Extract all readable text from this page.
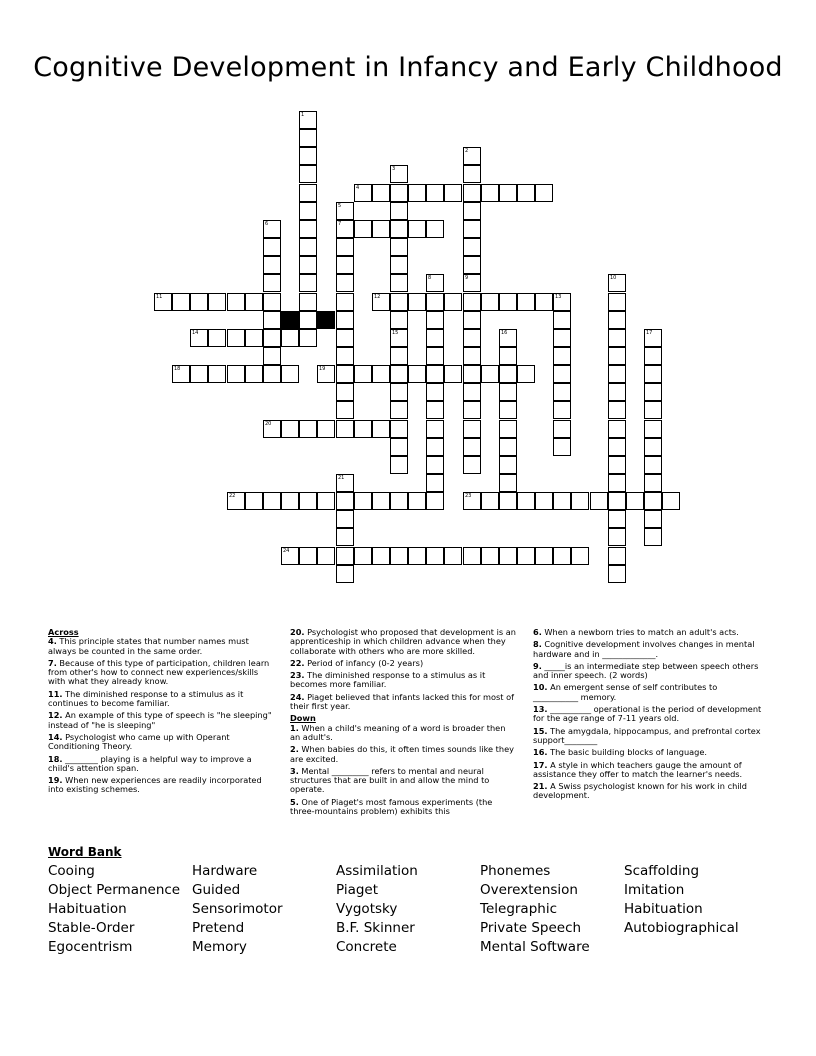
Cognitive Development in Infancy and Early Childhood
4
7
11	12	13
14
18	19
20
22	23
24
1
2
3
15
5
6
8	9	10
16	17
21
Across
4. This principle states that number names must always be counted in the same order.
7. Because of this type of participation, children learn from other's how to connect new experiences/skills with what they already know.
11. The diminished response to a stimulus as it continues to become familiar.
12. An example of this type of speech is "he sleeping" instead of "he is sleeping"
14. Psychologist who came up with Operant Conditioning Theory.
18. ________ playing is a helpful way to improve a child's attention span.
19. When new experiences are readily incorporated into existing schemes.
20. Psychologist who proposed that development is an apprenticeship in which children advance when they collaborate with others who are more skilled.
22. Period of infancy (0-2 years)
23. The diminished response to a stimulus as it becomes more familiar.
24. Piaget believed that infants lacked this for most of their first year.
Down
1. When a child's meaning of a word is broader then an adult's.
2. When babies do this, it often times sounds like they are excited.
3. Mental _________ refers to mental and neural structures that are built in and allow the mind to operate.
5. One of Piaget's most famous experiments (the three-mountains problem) exhibits this
6. When a newborn tries to match an adult's acts.
8. Cognitive development involves changes in mental hardware and in _____________.
9. _____is an intermediate step between speech others and inner speech. (2 words)
10. An emergent sense of self contributes to ___________ memory.
13. __________ operational is the period of development for the age range of 7-11 years old.
15. The amygdala, hippocampus, and prefrontal cortex support________
16. The basic building blocks of language.
17. A style in which teachers gauge the amount of assistance they offer to match the learner's needs.
21. A Swiss psychologist known for his work in child development.
Word Bank
Cooing
Object Permanence
Habituation
Stable-Order
Egocentrism
Hardware
Guided
Sensorimotor
Pretend
Memory
Assimilation
Piaget
Vygotsky
B.F. Skinner
Concrete
Phonemes
Overextension
Telegraphic
Private Speech
Mental Software
Scaffolding
Imitation
Habituation
Autobiographical
